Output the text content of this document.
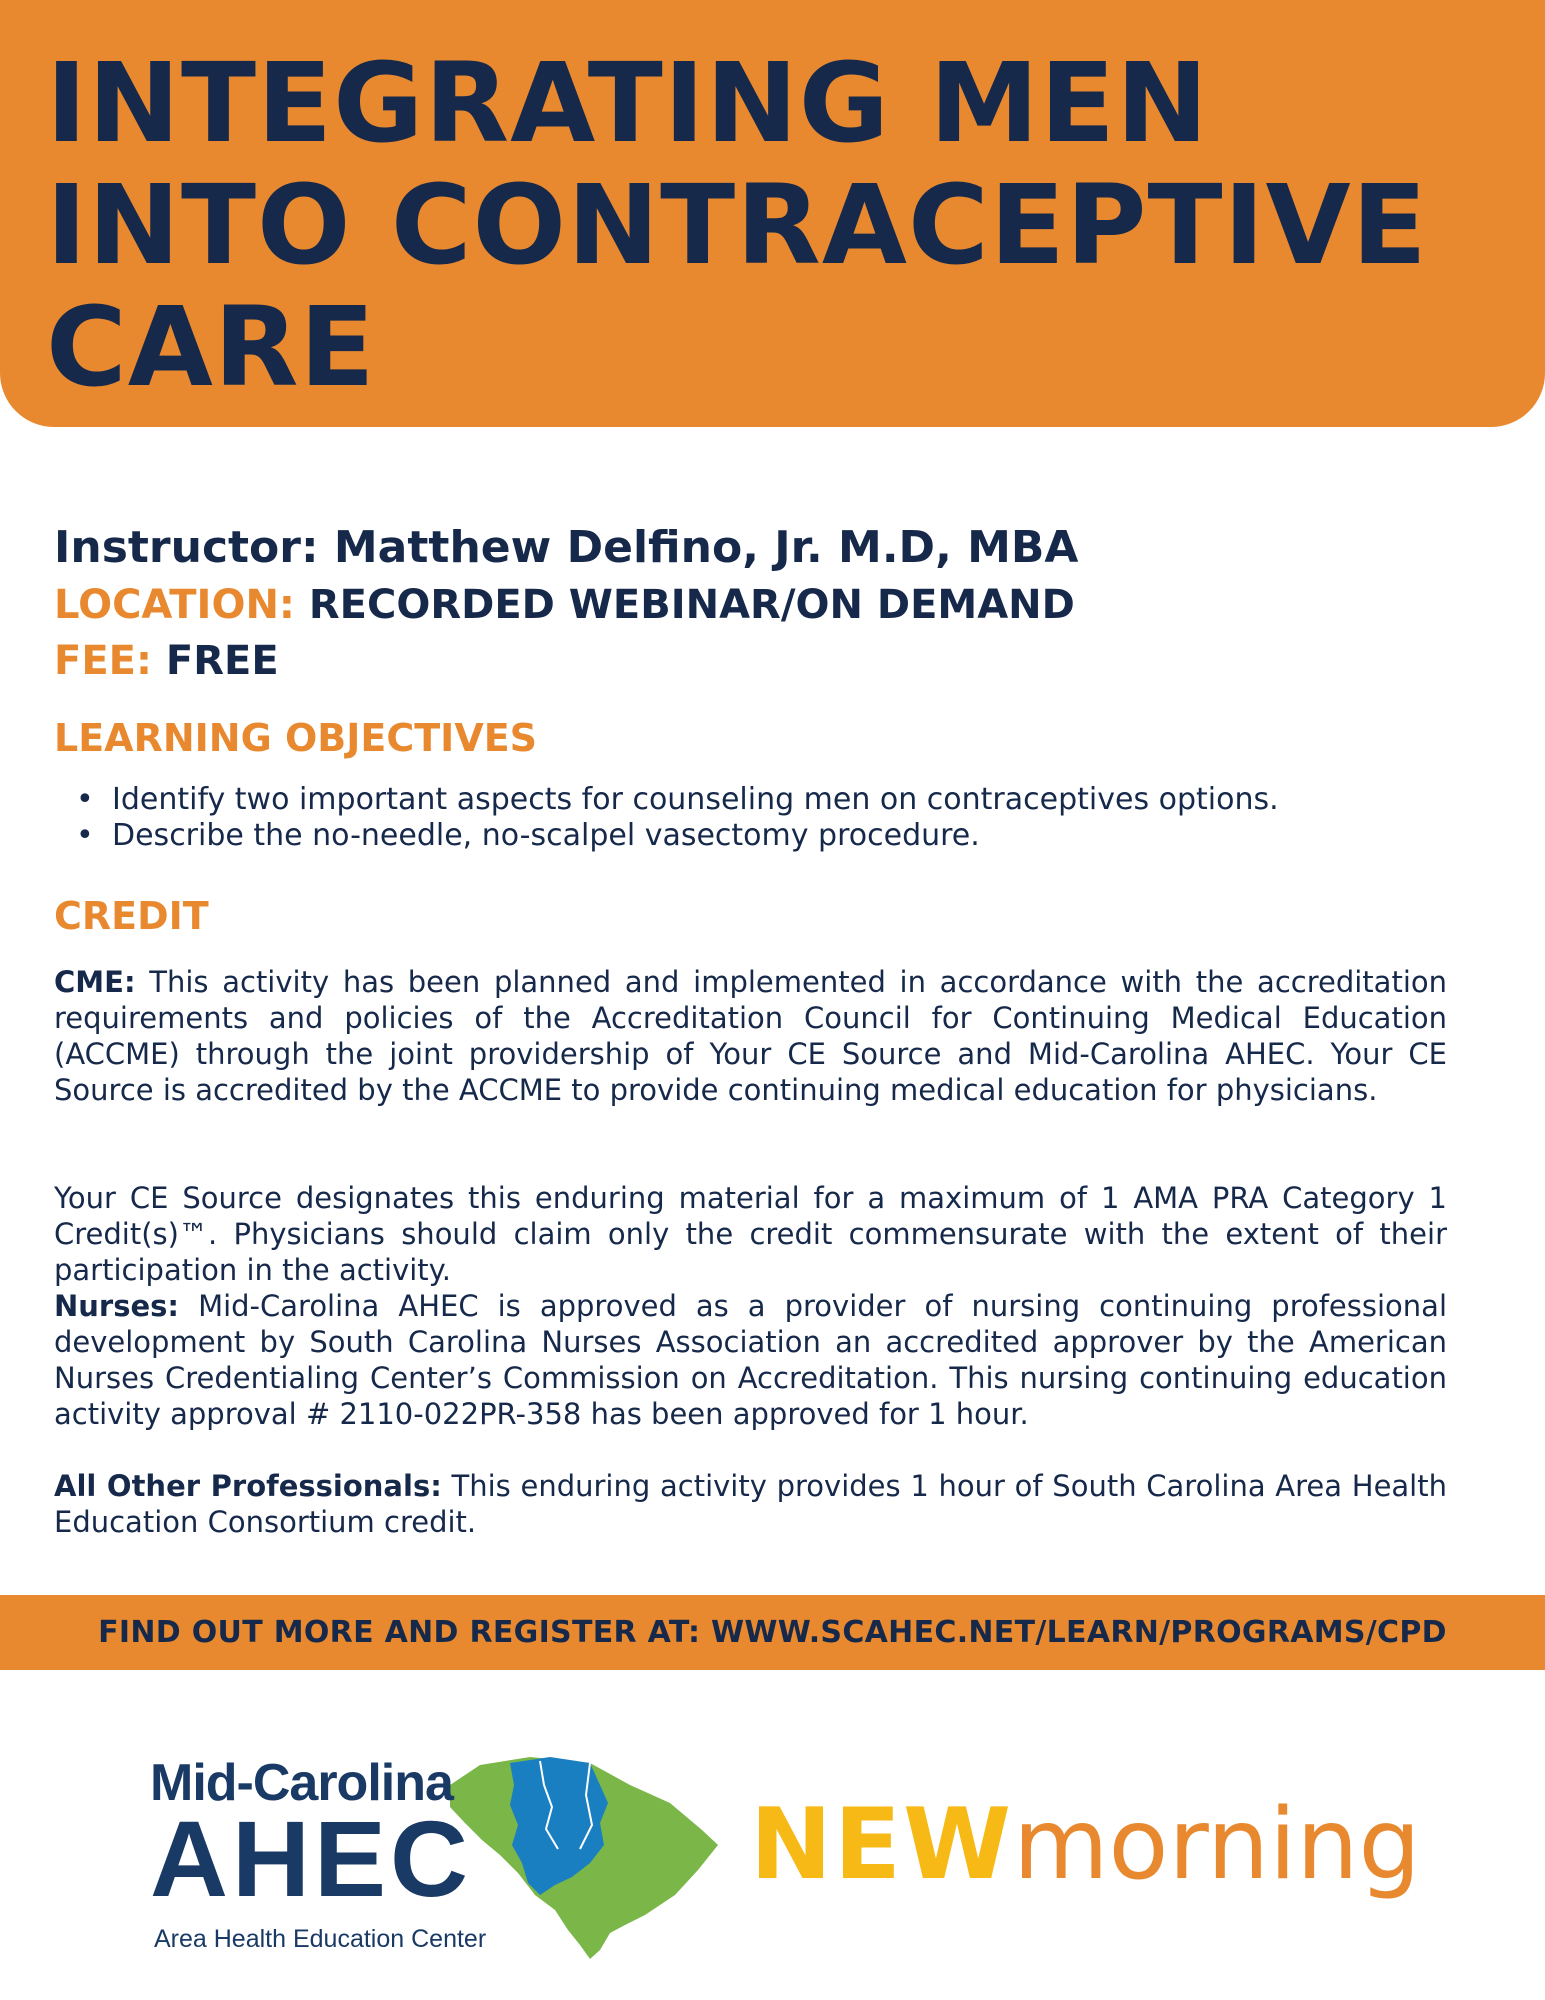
INTEGRATING MEN
INTO CONTRACEPTIVE
CARE
Instructor: Matthew Delfino, Jr. M.D, MBA
LOCATION: RECORDED WEBINAR/ON DEMAND
FEE: FREE
LEARNING OBJECTIVES
• Identify two important aspects for counseling men on contraceptives options.
• Describe the no-needle, no-scalpel vasectomy procedure.
CREDIT

CME: This activity has been planned and implemented in accordance with the accreditation requirements and policies of the Accreditation Council for Continuing Medical Education (ACCME) through the joint providership of Your CE Source and Mid-Carolina AHEC. Your CE Source is accredited by the ACCME to provide continuing medical education for physicians.

Your CE Source designates this enduring material for a maximum of 1 AMA PRA Category 1 Credit(s)™. Physicians should claim only the credit commensurate with the extent of their participation in the activity.

Nurses: Mid-Carolina AHEC is approved as a provider of nursing continuing professional development by South Carolina Nurses Association an accredited approver by the American Nurses Credentialing Center’s Commission on Accreditation. This nursing continuing education activity approval # 2110-022PR-358 has been approved for 1 hour.

All Other Professionals: This enduring activity provides 1 hour of South Carolina Area Health Education Consortium credit.

FIND OUT MORE AND REGISTER AT: WWW.SCAHEC.NET/LEARN/PROGRAMS/CPD
Mid-Carolina
AHEC
Area Health Education Center
NEWmorning
